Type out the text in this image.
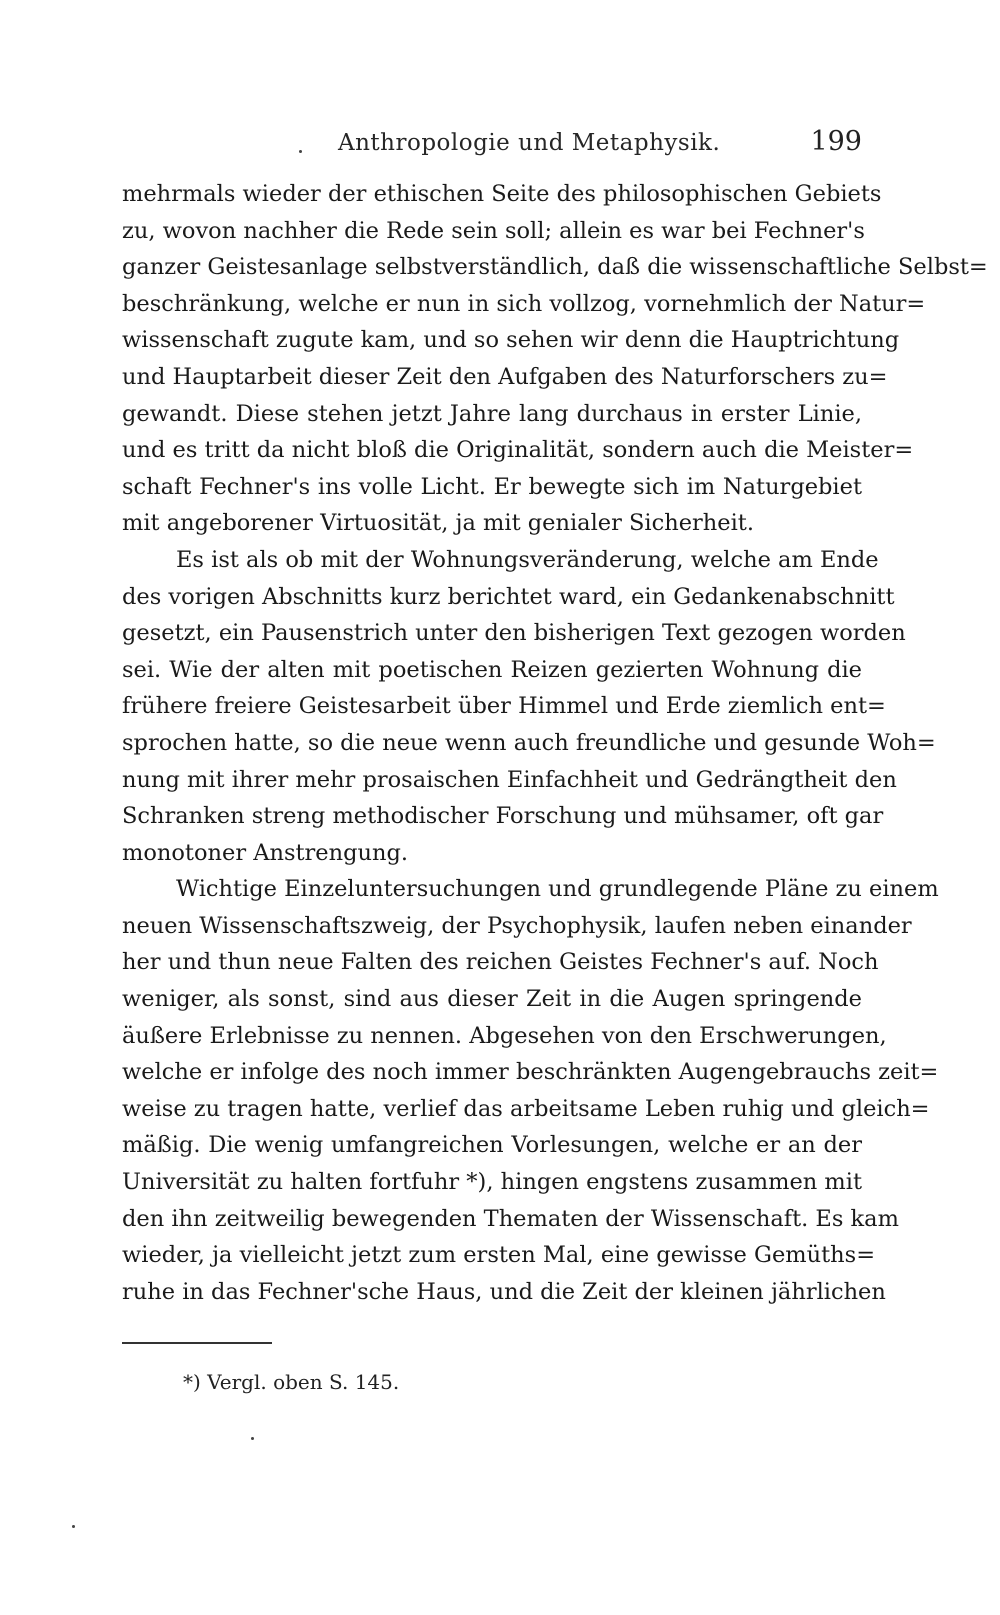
Anthropologie und Metaphysik.	199
mehrmals wieder der ethischen Seite des philosophischen Gebiets
zu, wovon nachher die Rede sein soll; allein es war bei Fechner's
ganzer Geistesanlage selbstverständlich, daß die wissenschaftliche Selbst=
beschränkung, welche er nun in sich vollzog, vornehmlich der Natur=
wissenschaft zugute kam, und so sehen wir denn die Hauptrichtung
und Hauptarbeit dieser Zeit den Aufgaben des Naturforschers zu=
gewandt. Diese stehen jetzt Jahre lang durchaus in erster Linie,
und es tritt da nicht bloß die Originalität, sondern auch die Meister=
schaft Fechner's ins volle Licht. Er bewegte sich im Naturgebiet
mit angeborener Virtuosität, ja mit genialer Sicherheit.
Es ist als ob mit der Wohnungsveränderung, welche am Ende
des vorigen Abschnitts kurz berichtet ward, ein Gedankenabschnitt
gesetzt, ein Pausenstrich unter den bisherigen Text gezogen worden
sei. Wie der alten mit poetischen Reizen gezierten Wohnung die
frühere freiere Geistesarbeit über Himmel und Erde ziemlich ent=
sprochen hatte, so die neue wenn auch freundliche und gesunde Woh=
nung mit ihrer mehr prosaischen Einfachheit und Gedrängtheit den
Schranken streng methodischer Forschung und mühsamer, oft gar
monotoner Anstrengung.
Wichtige Einzeluntersuchungen und grundlegende Pläne zu einem
neuen Wissenschaftszweig, der Psychophysik, laufen neben einander
her und thun neue Falten des reichen Geistes Fechner's auf. Noch
weniger, als sonst, sind aus dieser Zeit in die Augen springende
äußere Erlebnisse zu nennen. Abgesehen von den Erschwerungen,
welche er infolge des noch immer beschränkten Augengebrauchs zeit=
weise zu tragen hatte, verlief das arbeitsame Leben ruhig und gleich=
mäßig. Die wenig umfangreichen Vorlesungen, welche er an der
Universität zu halten fortfuhr *), hingen engstens zusammen mit
den ihn zeitweilig bewegenden Thematen der Wissenschaft. Es kam
wieder, ja vielleicht jetzt zum ersten Mal, eine gewisse Gemüths=
ruhe in das Fechner'sche Haus, und die Zeit der kleinen jährlichen
*) Vergl. oben S. 145.
